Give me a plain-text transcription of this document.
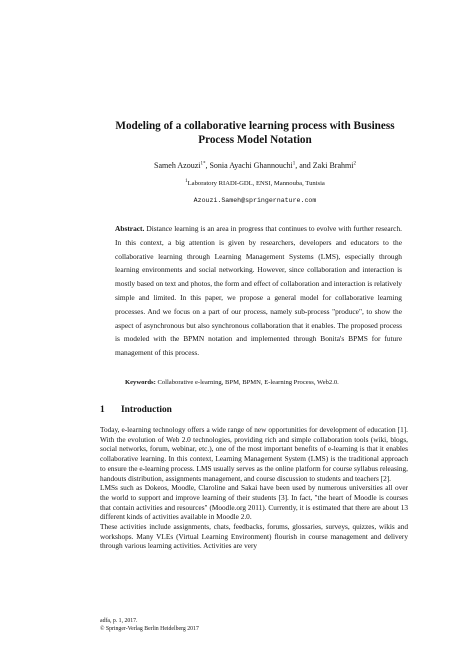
Modeling of a collaborative learning process with Business Process Model Notation
Sameh Azouzi$^{1*}$, Sonia Ayachi Ghannouchi$^1$, and Zaki Brahmi$^2$
$^1$Laboratory RIADI-GDL, ENSI, Mannouba, Tunisia
Azouzi.Sameh@springernature.com
Abstract. Distance learning is an area in progress that continues to evolve with further research. In this context, a big attention is given by researchers, developers and educators to the collaborative learning through Learning Management Systems (LMS), especially through learning environments and social networking. However, since collaboration and interaction is mostly based on text and photos, the form and effect of collaboration and interaction is relatively simple and limited. In this paper, we propose a general model for collaborative learning processes. And we focus on a part of our process, namely sub-process "produce", to show the aspect of asynchronous but also synchronous collaboration that it enables. The proposed process is modeled with the BPMN notation and implemented through Bonita's BPMS for future management of this process.
Keywords: Collaborative e-learning, BPM, BPMN, E-learning Process, Web2.0.
1 Introduction

Today, e-learning technology offers a wide range of new opportunities for development of education [1]. With the evolution of Web 2.0 technologies, providing rich and simple collaboration tools (wiki, blogs, social networks, forum, webinar, etc.), one of the most important benefits of e-learning is that it enables collaborative learning. In this context, Learning Management System (LMS) is the traditional approach to ensure the e-learning process. LMS usually serves as the online platform for course syllabus releasing, handouts distribution, assignments management, and course discussion to students and teachers [2].

LMSs such as Dokeos, Moodle, Claroline and Sakai have been used by numerous universities all over the world to support and improve learning of their students [3]. In fact, "the heart of Moodle is courses that contain activities and resources" (Moodle.org 2011). Currently, it is estimated that there are about 13 different kinds of activities available in Moodle 2.0.

These activities include assignments, chats, feedbacks, forums, glossaries, surveys, quizzes, wikis and workshops. Many VLEs (Virtual Learning Environment) flourish in course management and delivery through various learning activities. Activities are very

adfa, p. 1, 2017.
© Springer-Verlag Berlin Heidelberg 2017
